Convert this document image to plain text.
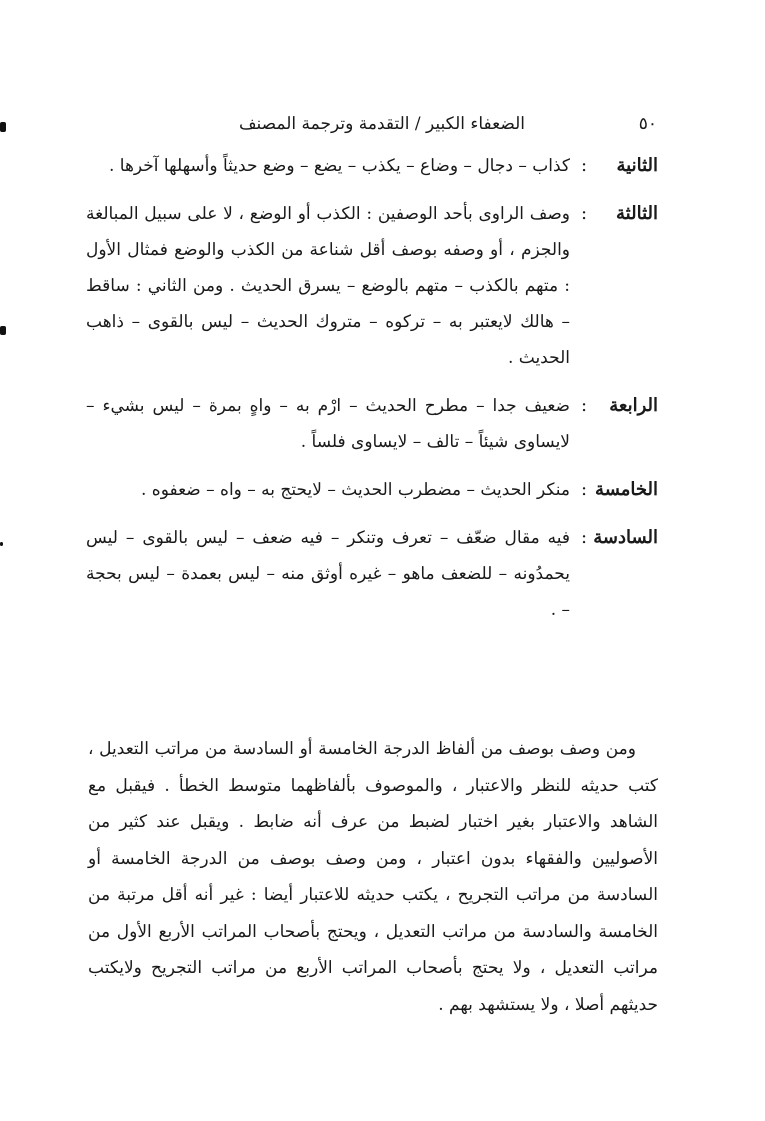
٥٠
الضعفاء الكبير / التقدمة وترجمة المصنف
الثانية
:
كذاب – دجال – وضاع – يكذب – يضع – وضع حديثاً وأسهلها آخرها .
الثالثة
:
وصف الراوى بأحد الوصفين : الكذب أو الوضع ، لا على سبيل المبالغة والجزم ، أو وصفه بوصف أقل شناعة من الكذب والوضع فمثال الأول : متهم بالكذب – متهم بالوضع – يسرق الحديث . ومن الثاني : ساقط – هالك لايعتبر به – تركوه – متروك الحديث – ليس بالقوى – ذاهب الحديث .
الرابعة
:
ضعيف جدا – مطرح الحديث – ارْم به – واهٍ بمرة – ليس بشيء – لايساوى شيئاً – تالف – لايساوى فلساً .
الخامسة
:
منكر الحديث – مضطرب الحديث – لايحتج به – واه – ضعفوه .
السادسة
:
فيه مقال ضعّف – تعرف وتنكر – فيه ضعف – ليس بالقوى – ليس يحمدُونه – للضعف ماهو – غيره أوثق منه – ليس بعمدة – ليس بحجة – .

ومن وصف بوصف من ألفاظ الدرجة الخامسة أو السادسة من مراتب التعديل ، كتب حديثه للنظر والاعتبار ، والموصوف بألفاظهما متوسط الخطأ . فيقبل مع الشاهد والاعتبار بغير اختبار لضبط من عرف أنه ضابط . ويقبل عند كثير من الأصوليين والفقهاء بدون اعتبار ، ومن وصف بوصف من الدرجة الخامسة أو السادسة من مراتب التجريح ، يكتب حديثه للاعتبار أيضا : غير أنه أقل مرتبة من الخامسة والسادسة من مراتب التعديل ، ويحتج بأصحاب المراتب الأربع الأول من مراتب التعديل ، ولا يحتج بأصحاب المراتب الأربع من مراتب التجريح ولايكتب حديثهم أصلا ، ولا يستشهد بهم .
